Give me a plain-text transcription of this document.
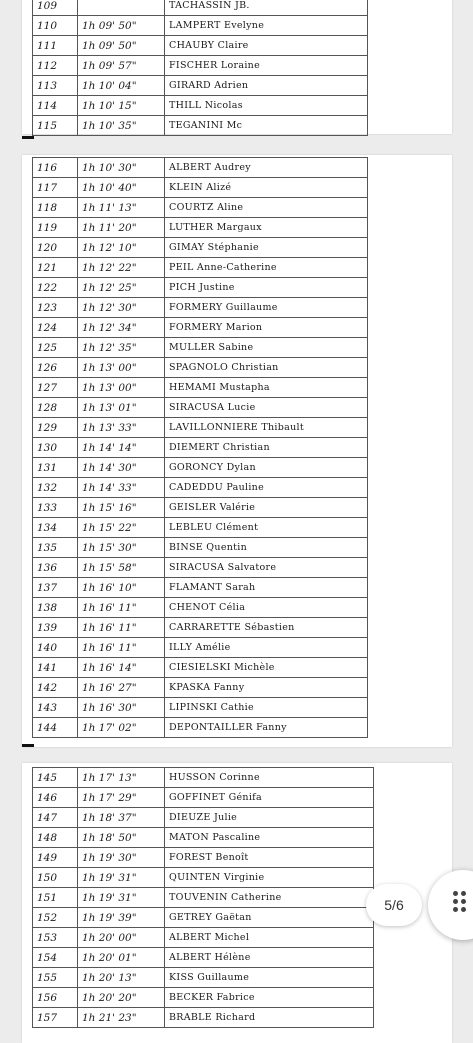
109		TACHASSIN JB.
110	1h 09' 50"	LAMPERT Evelyne
111	1h 09' 50"	CHAUBY Claire
112	1h 09' 57"	FISCHER Loraine
113	1h 10' 04"	GIRARD Adrien
114	1h 10' 15"	THILL Nicolas
115	1h 10' 35"	TEGANINI Mc
116	1h 10' 30"	ALBERT Audrey
117	1h 10' 40"	KLEIN Alizé
118	1h 11' 13"	COURTZ Aline
119	1h 11' 20"	LUTHER Margaux
120	1h 12' 10"	GIMAY Stéphanie
121	1h 12' 22"	PEIL Anne-Catherine
122	1h 12' 25"	PICH Justine
123	1h 12' 30"	FORMERY Guillaume
124	1h 12' 34"	FORMERY Marion
125	1h 12' 35"	MULLER Sabine
126	1h 13' 00"	SPAGNOLO Christian
127	1h 13' 00"	HEMAMI Mustapha
128	1h 13' 01"	SIRACUSA Lucie
129	1h 13' 33"	LAVILLONNIERE Thibault
130	1h 14' 14"	DIEMERT Christian
131	1h 14' 30"	GORONCY Dylan
132	1h 14' 33"	CADEDDU Pauline
133	1h 15' 16"	GEISLER Valérie
134	1h 15' 22"	LEBLEU Clément
135	1h 15' 30"	BINSE Quentin
136	1h 15' 58"	SIRACUSA Salvatore
137	1h 16' 10"	FLAMANT Sarah
138	1h 16' 11"	CHENOT Célia
139	1h 16' 11"	CARRARETTE Sébastien
140	1h 16' 11"	ILLY Amélie
141	1h 16' 14"	CIESIELSKI Michèle
142	1h 16' 27"	KPASKA Fanny
143	1h 16' 30"	LIPINSKI Cathie
144	1h 17' 02"	DEPONTAILLER Fanny
145	1h 17' 13"	HUSSON Corinne
146	1h 17' 29"	GOFFINET Génifa
147	1h 18' 37"	DIEUZE Julie
148	1h 18' 50"	MATON Pascaline
149	1h 19' 30"	FOREST Benoît
150	1h 19' 31"	QUINTEN Virginie
151	1h 19' 31"	TOUVENIN Catherine
152	1h 19' 39"	GETREY Gaëtan
153	1h 20' 00"	ALBERT Michel
154	1h 20' 01"	ALBERT Hélène
155	1h 20' 13"	KISS Guillaume
156	1h 20' 20"	BECKER Fabrice
157	1h 21' 23"	BRABLE Richard
5/6
